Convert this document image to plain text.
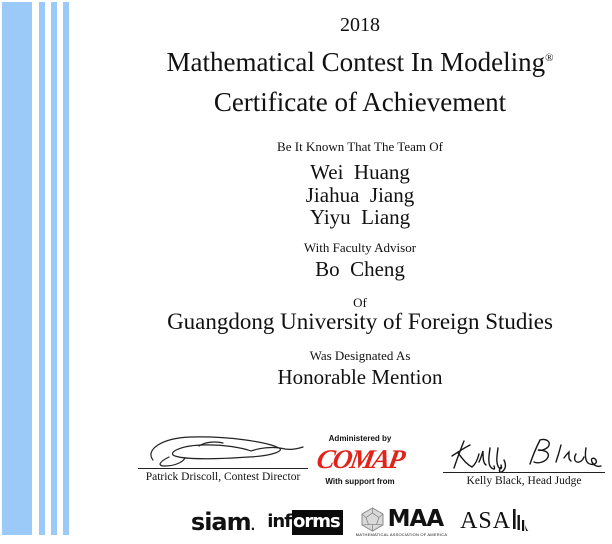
2018
Mathematical Contest In Modeling®
Certificate of Achievement
Be It Known That The Team Of
Wei  Huang
Jiahua  Jiang
Yiyu  Liang
With Faculty Advisor
Bo  Cheng
Of
Guangdong University of Foreign Studies
Was Designated As
Honorable Mention
Patrick Driscoll, Contest Director
Administered by
COMAP
With support from	Kelly Black, Head Judge
siam. inf orms MAA
MATHEMATICAL ASSOCIATION OF AMERICA
ASA
